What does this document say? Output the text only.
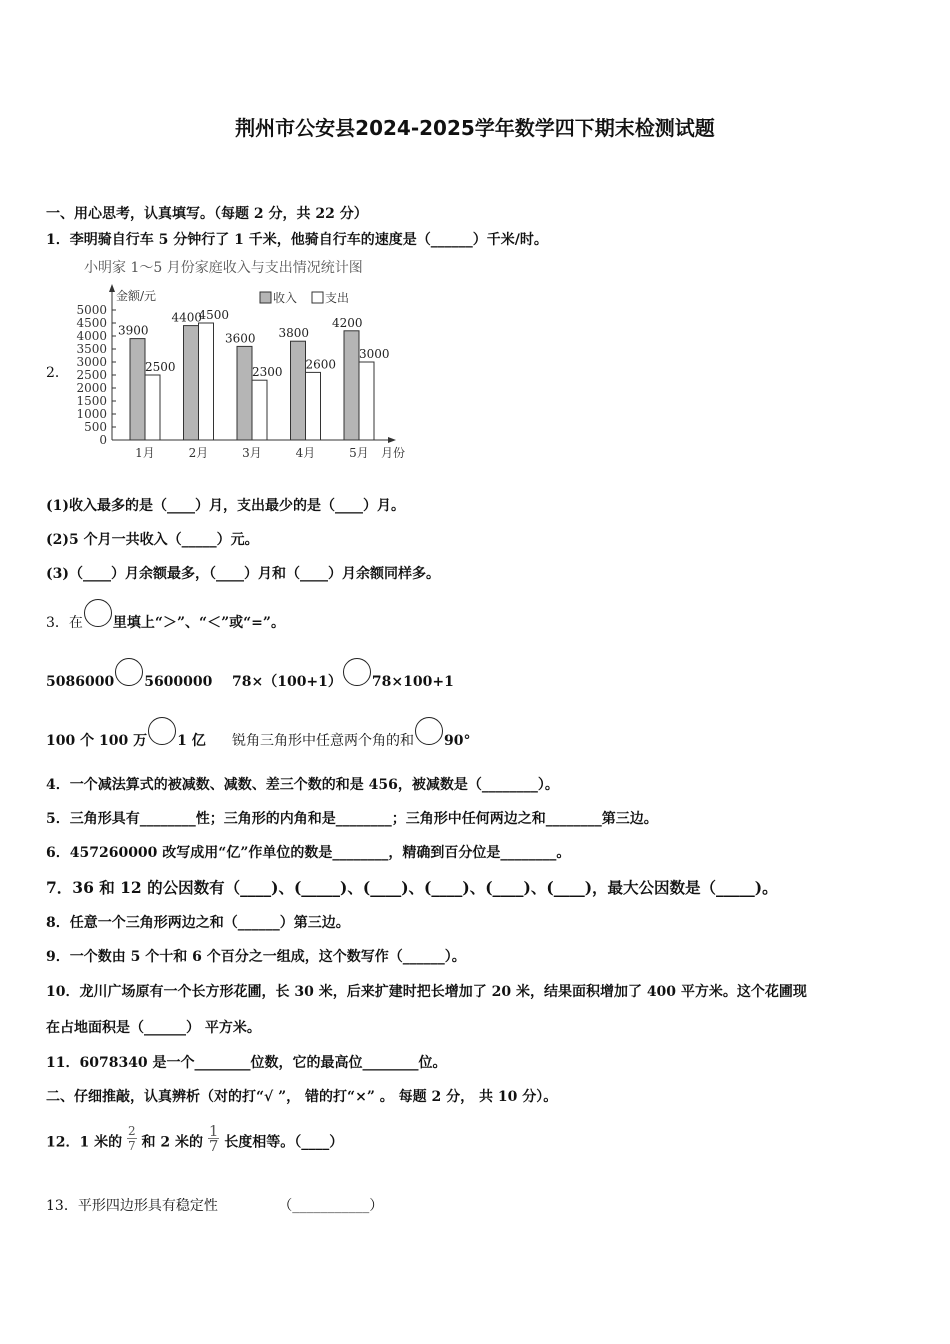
荆州市公安县2024-2025学年数学四下期末检测试题
一、用心思考，认真填写。（每题 2 分，共 22 分）
1．李明骑自行车 5 分钟行了 1 千米，他骑自行车的速度是（______）千米/时。
2．
小明家 1～5 月份家庭收入与支出情况统计图
金额/元	收入 支出
3900
2500
4400
4500
3600
2300
3800
2600
4200
3000
0
500
1000
1500
2000
2500
3000
3500
4000
4500
5000
1月	2月	3月	4月	5月 月份
(1)收入最多的是（____）月，支出最少的是（____）月。
(2)5 个月一共收入（_____）元。
(3)（____）月余额最多，（____）月和（____）月余额同样多。
3．在 里填上“＞”、“＜”或“=”。
5086000 5600000 78×（100+1） 78×100+1
100 个 100 万 1 亿 锐角三角形中任意两个角的和 90°
4．一个减法算式的被减数、减数、差三个数的和是 456，被减数是（________）。
5．三角形具有________性；三角形的内角和是________；三角形中任何两边之和________第三边。
6．457260000 改写成用“亿”作单位的数是________，精确到百分位是________。
7．36 和 12 的公因数有（____)、(_____)、(____)、(____)、(____)、(____)，最大公因数是（_____)。
8．任意一个三角形两边之和（______）第三边。
9．一个数由 5 个十和 6 个百分之一组成，这个数写作（______）。
10．龙川广场原有一个长方形花圃，长 30 米，后来扩建时把长增加了 20 米，结果面积增加了 400 平方米。这个花圃现
在占地面积是（______） 平方米。
11．6078340 是一个________位数，它的最高位________位。
二、仔细推敲，认真辨析（对的打“√ ”， 错的打“×” 。 每题 2 分， 共 10 分）。
12．1 米的 $\frac{2}{7}$ 和 2 米的 $\frac{1}{7}$ 长度相等。（____）
13．平形四边形具有稳定性	（___________）
